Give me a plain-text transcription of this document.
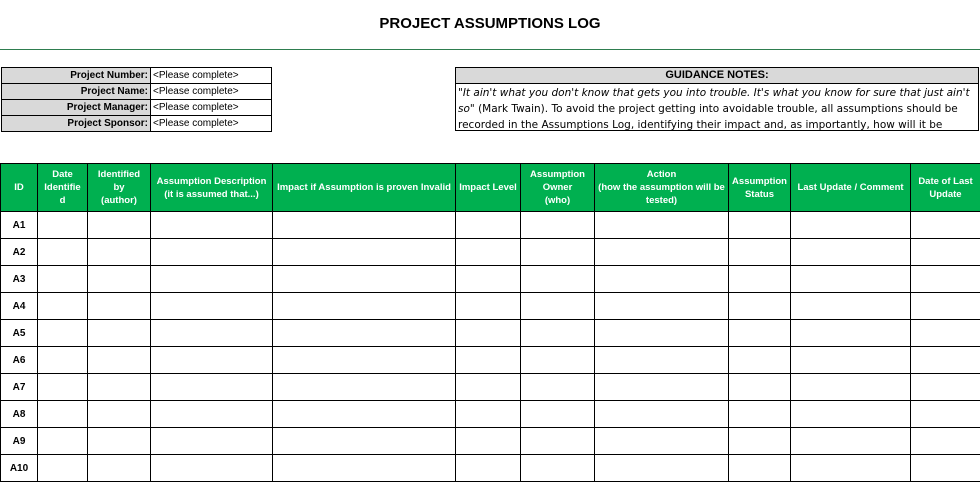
PROJECT ASSUMPTIONS LOG
Project Number:	<Please complete>
Project Name:	<Please complete>
Project Manager:	<Please complete>
Project Sponsor:	<Please complete>
GUIDANCE NOTES:
"It ain't what you don't know that gets you into trouble. It's what you know for sure that just ain't so" (Mark Twain). To avoid the project getting into avoidable trouble, all assumptions should be recorded in the Assumptions Log, identifying their impact and, as importantly, how will it be
ID	Date
Identifie
d	Identified
by
(author)	Assumption Description
(it is assumed that...)	Impact if Assumption is proven Invalid	Impact Level	Assumption
Owner
(who)	Action
(how the assumption will be
tested)	Assumption
Status	Last Update / Comment	Date of Last
Update

A1										
A2										
A3										
A4										
A5										
A6										
A7										
A8										
A9										
A10										
